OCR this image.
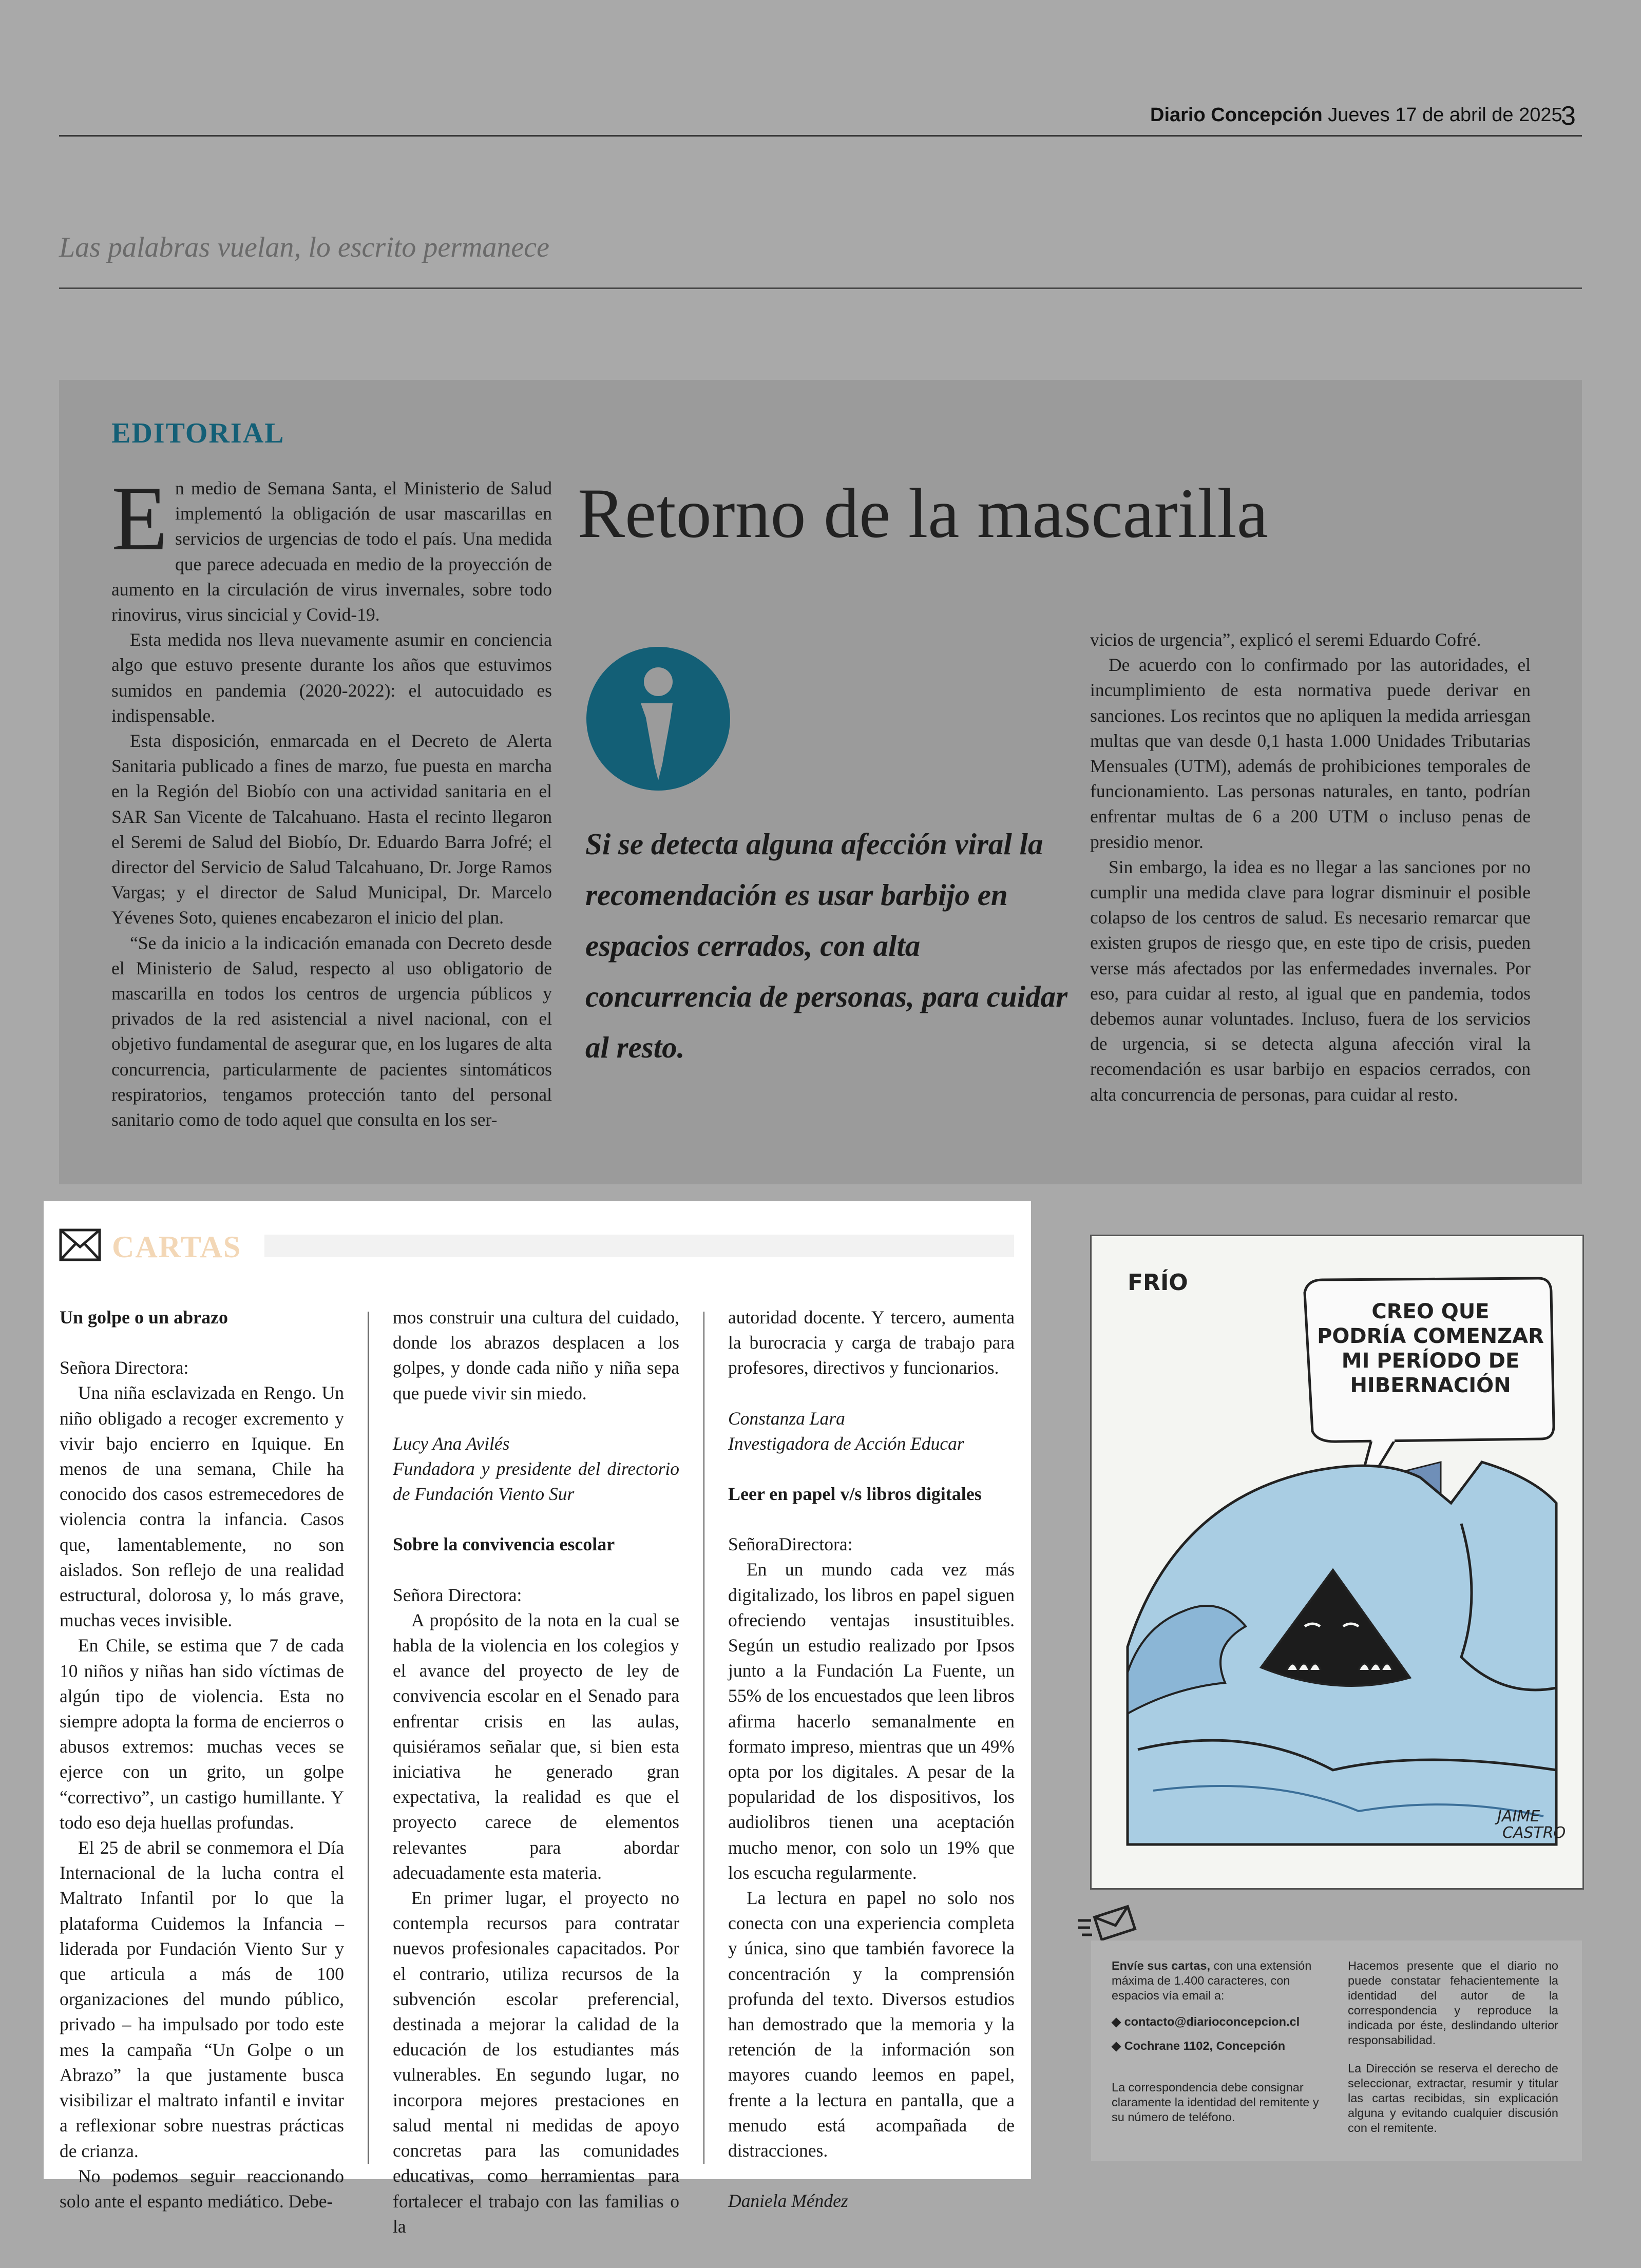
Diario Concepción Jueves 17 de abril de 2025
3
Las palabras vuelan, lo escrito permanece
EDITORIAL
Retorno de la mascarilla

En medio de Semana Santa, el Ministerio de Salud implementó la obligación de usar mascarillas en servicios de urgencias de todo el país. Una medida que parece adecuada en medio de la proyección de aumento en la circulación de virus invernales, sobre todo rinovirus, virus sincicial y Covid-19.

Esta medida nos lleva nuevamente asumir en conciencia algo que estuvo presente durante los años que estuvimos sumidos en pandemia (2020-2022): el autocuidado es indispensable.

Esta disposición, enmarcada en el Decreto de Alerta Sanitaria publicado a fines de marzo, fue puesta en marcha en la Región del Biobío con una actividad sanitaria en el SAR San Vicente de Talcahuano. Hasta el recinto llegaron el Seremi de Salud del Biobío, Dr. Eduardo Barra Jofré; el director del Servicio de Salud Talcahuano, Dr. Jorge Ramos Vargas; y el director de Salud Municipal, Dr. Marcelo Yévenes Soto, quienes encabezaron el inicio del plan.

“Se da inicio a la indicación emanada con Decreto desde el Ministerio de Salud, respecto al uso obligatorio de mascarilla en todos los centros de urgencia públicos y privados de la red asistencial a nivel nacional, con el objetivo fundamental de asegurar que, en los lugares de alta concurrencia, particularmente de pacientes sintomáticos respiratorios, tengamos protección tanto del personal sanitario como de todo aquel que consulta en los ser-

Si se detecta alguna afección viral la recomendación es usar barbijo en espacios cerrados, con alta concurrencia de personas, para cuidar al resto.

vicios de urgencia”, explicó el seremi Eduardo Cofré.

De acuerdo con lo confirmado por las autoridades, el incumplimiento de esta normativa puede derivar en sanciones. Los recintos que no apliquen la medida arriesgan multas que van desde 0,1 hasta 1.000 Unidades Tributarias Mensuales (UTM), además de prohibiciones temporales de funcionamiento. Las personas naturales, en tanto, podrían enfrentar multas de 6 a 200 UTM o incluso penas de presidio menor.

Sin embargo, la idea es no llegar a las sanciones por no cumplir una medida clave para lograr disminuir el posible colapso de los centros de salud. Es necesario remarcar que existen grupos de riesgo que, en este tipo de crisis, pueden verse más afectados por las enfermedades invernales. Por eso, para cuidar al resto, al igual que en pandemia, todos debemos aunar voluntades. Incluso, fuera de los servicios de urgencia, si se detecta alguna afección viral la recomendación es usar barbijo en espacios cerrados, con alta concurrencia de personas, para cuidar al resto.

CARTAS
Un golpe o un abrazo

Señora Directora:

Una niña esclavizada en Rengo. Un niño obligado a recoger excremento y vivir bajo encierro en Iquique. En menos de una semana, Chile ha conocido dos casos estremecedores de violencia contra la infancia. Casos que, lamentablemente, no son aislados. Son reflejo de una realidad estructural, dolorosa y, lo más grave, muchas veces invisible.

En Chile, se estima que 7 de cada 10 niños y niñas han sido víctimas de algún tipo de violencia. Esta no siempre adopta la forma de encierros o abusos extremos: muchas veces se ejerce con un grito, un golpe “correctivo”, un castigo humillante. Y todo eso deja huellas profundas.

El 25 de abril se conmemora el Día Internacional de la lucha contra el Maltrato Infantil por lo que la plataforma Cuidemos la Infancia – liderada por Fundación Viento Sur y que articula a más de 100 organizaciones del mundo público, privado – ha impulsado por todo este mes la campaña “Un Golpe o un Abrazo” la que justamente busca visibilizar el maltrato infantil e invitar a reflexionar sobre nuestras prácticas de crianza.

No podemos seguir reaccionando solo ante el espanto mediático. Debe-

mos construir una cultura del cuidado, donde los abrazos desplacen a los golpes, y donde cada niño y niña sepa que puede vivir sin miedo.

Lucy Ana Avilés

Fundadora y presidente del directorio de Fundación Viento Sur

Sobre la convivencia escolar

Señora Directora:

A propósito de la nota en la cual se habla de la violencia en los colegios y el avance del proyecto de ley de convivencia escolar en el Senado para enfrentar crisis en las aulas, quisiéramos señalar que, si bien esta iniciativa he generado gran expectativa, la realidad es que el proyecto carece de elementos relevantes para abordar adecuadamente esta materia.

En primer lugar, el proyecto no contempla recursos para contratar nuevos profesionales capacitados. Por el contrario, utiliza recursos de la subvención escolar preferencial, destinada a mejorar la calidad de la educación de los estudiantes más vulnerables. En segundo lugar, no incorpora mejores prestaciones en salud mental ni medidas de apoyo concretas para las comunidades educativas, como herramientas para fortalecer el trabajo con las familias o la

autoridad docente. Y tercero, aumenta la burocracia y carga de trabajo para profesores, directivos y funcionarios.

Constanza Lara

Investigadora de Acción Educar

Leer en papel v/s libros digitales

SeñoraDirectora:

En un mundo cada vez más digitalizado, los libros en papel siguen ofreciendo ventajas insustituibles. Según un estudio realizado por Ipsos junto a la Fundación La Fuente, un 55% de los encuestados que leen libros afirma hacerlo semanalmente en formato impreso, mientras que un 49% opta por los digitales. A pesar de la popularidad de los dispositivos, los audiolibros tienen una aceptación mucho menor, con solo un 19% que los escucha regularmente.

La lectura en papel no solo nos conecta con una experiencia completa y única, sino que también favorece la concentración y la comprensión profunda del texto. Diversos estudios han demostrado que la memoria y la retención de la información son mayores cuando leemos en papel, frente a la lectura en pantalla, que a menudo está acompañada de distracciones.

Daniela Méndez

FRÍO
CREO QUE
PODRÍA COMENZAR
MI PERÍODO DE
HIBERNACIÓN
JAIME
CASTRO
Envíe sus cartas, con una extensión máxima de 1.400 caracteres, con espacios vía email a:
◆ contacto@diarioconcepcion.cl
◆ Cochrane 1102, Concepción
La correspondencia debe consignar claramente la identidad del remitente y su número de teléfono.
Hacemos presente que el diario no puede constatar fehacientemente la identidad del autor de la correspondencia y reproduce la indicada por éste, deslindando ulterior responsabilidad.
La Dirección se reserva el derecho de seleccionar, extractar, resumir y titular las cartas recibidas, sin explicación alguna y evitando cualquier discusión con el remitente.
